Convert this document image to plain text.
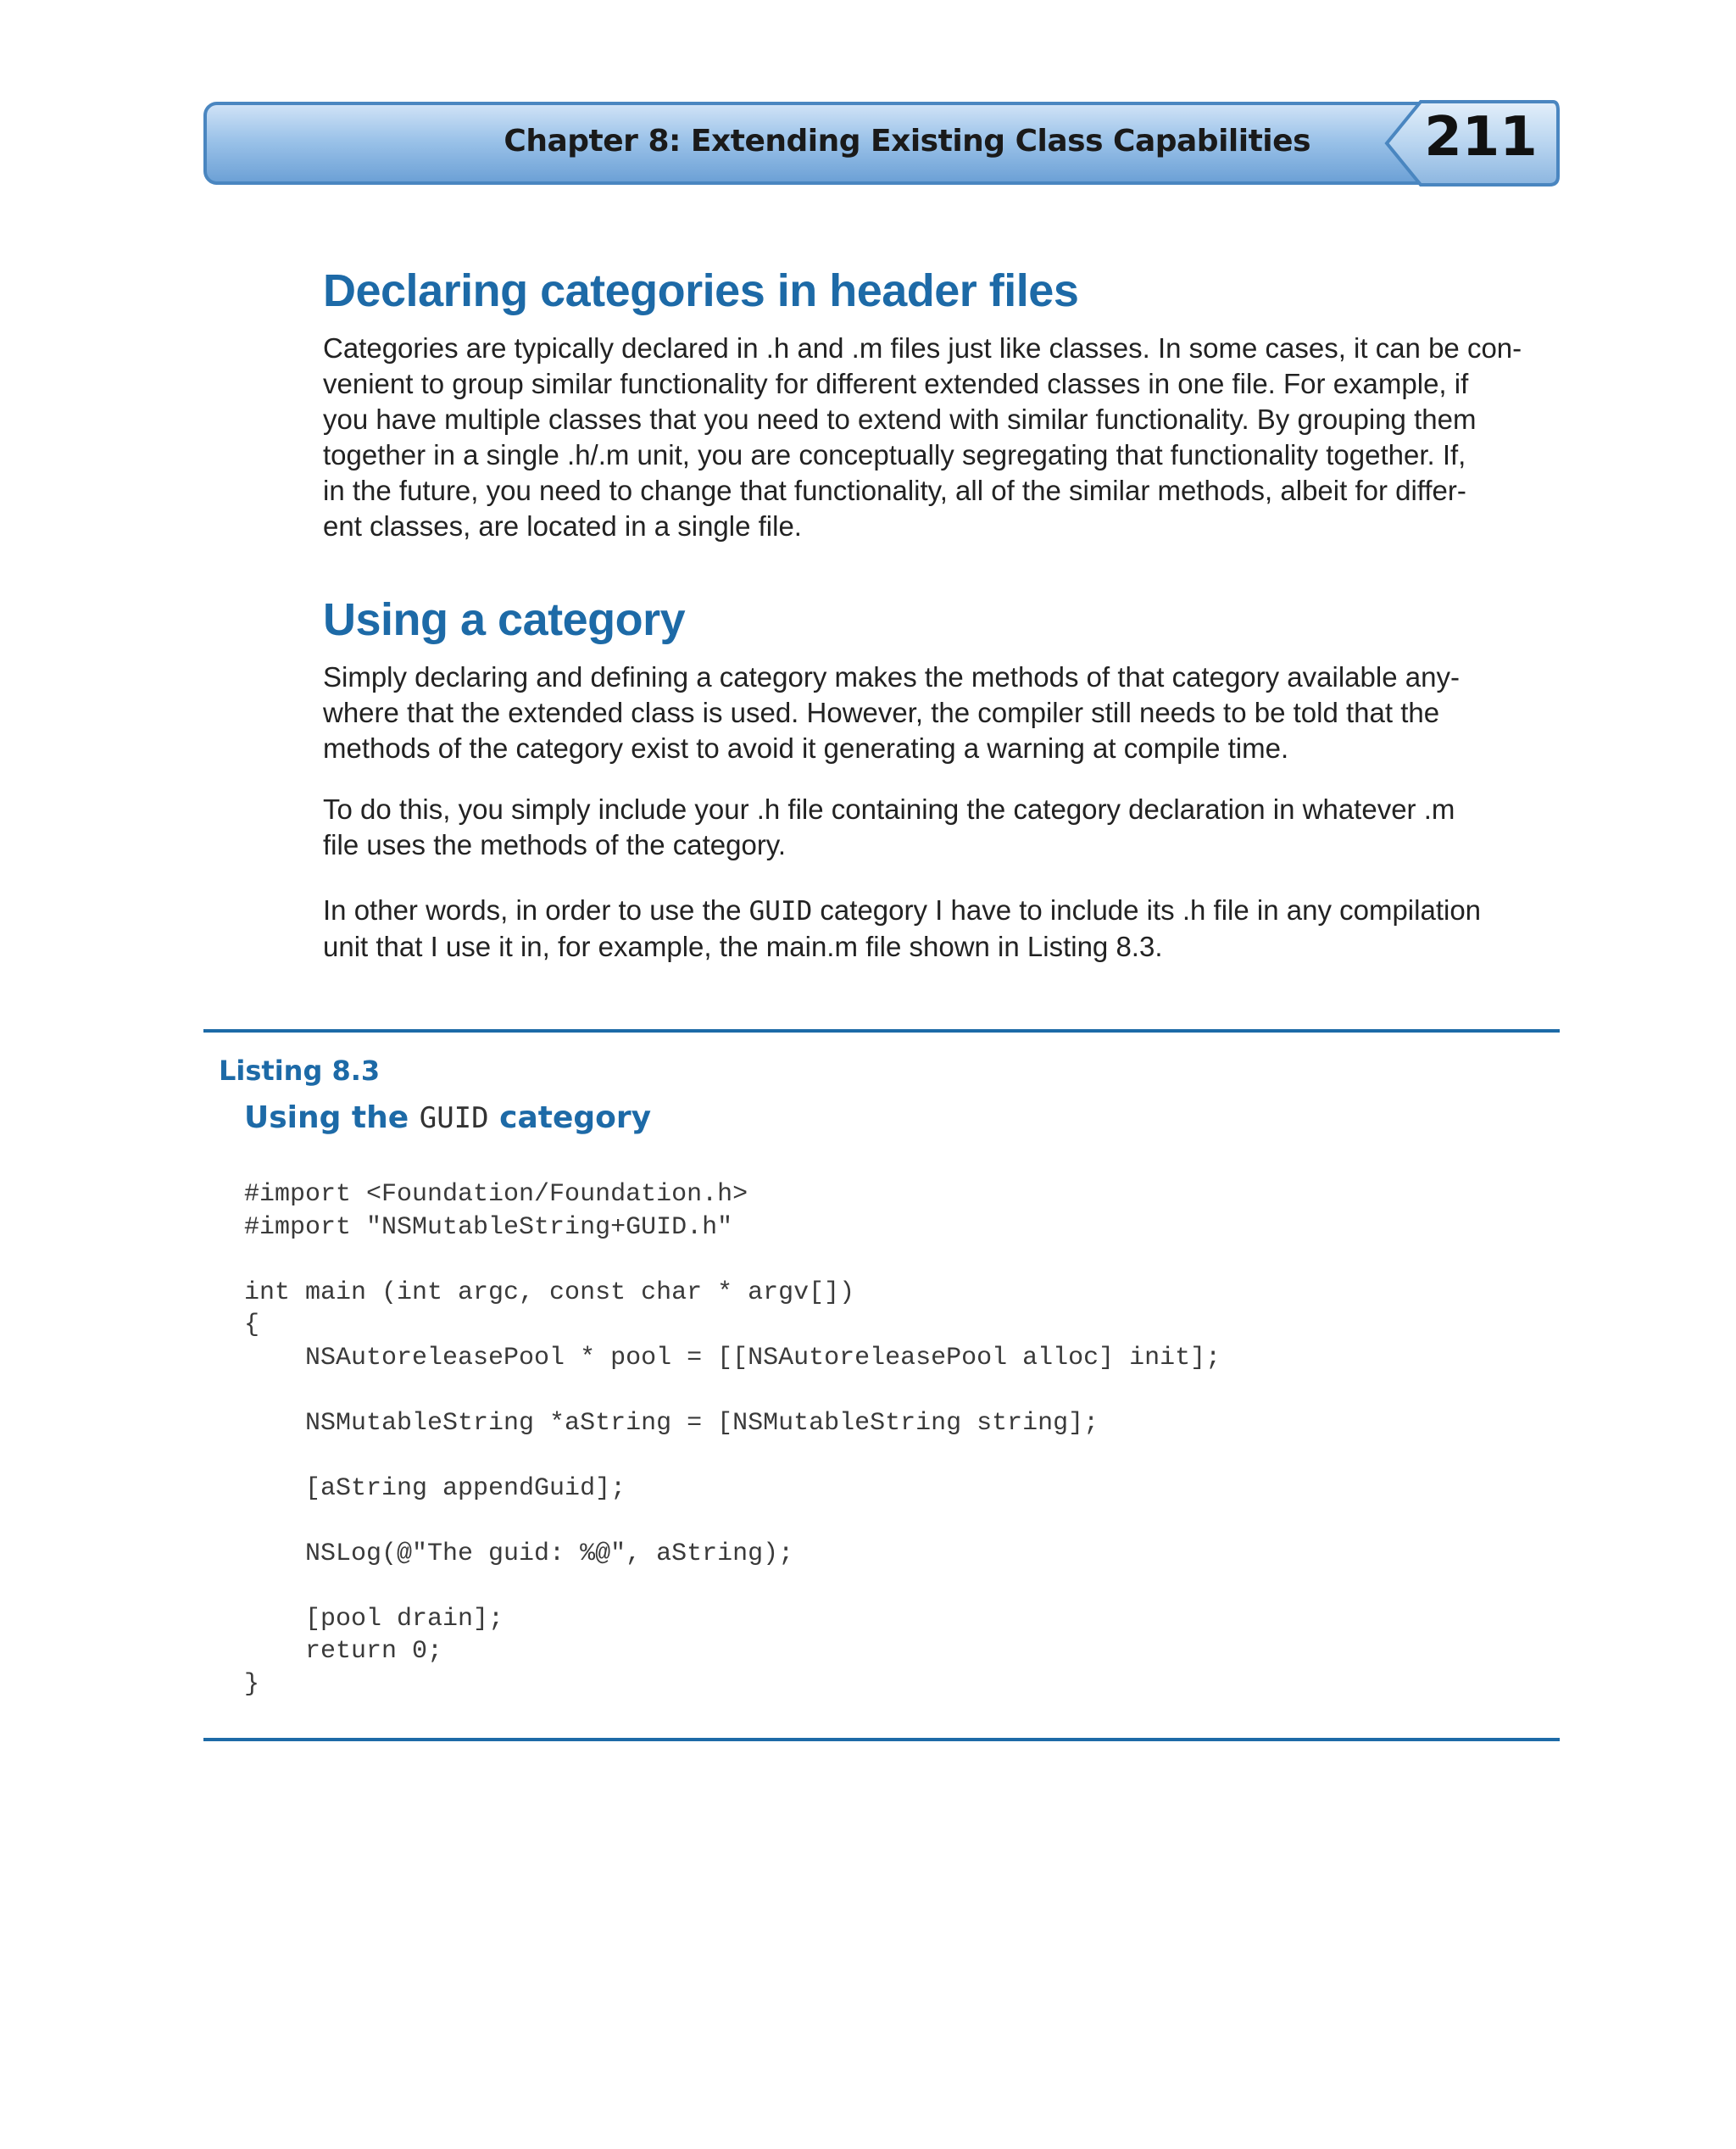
Chapter 8: Extending Existing Class Capabilities 211
Declaring categories in header files

Categories are typically declared in .h and .m files just like classes. In some cases, it can be con-
venient to group similar functionality for different extended classes in one file. For example, if
you have multiple classes that you need to extend with similar functionality. By grouping them
together in a single .h/.m unit, you are conceptually segregating that functionality together. If,
in the future, you need to change that functionality, all of the similar methods, albeit for differ-
ent classes, are located in a single file.

Using a category

Simply declaring and defining a category makes the methods of that category available any-
where that the extended class is used. However, the compiler still needs to be told that the
methods of the category exist to avoid it generating a warning at compile time.

To do this, you simply include your .h file containing the category declaration in whatever .m
file uses the methods of the category.

In other words, in order to use the GUID category I have to include its .h file in any compilation
unit that I use it in, for example, the main.m file shown in Listing 8.3.

Listing 8.3
Using the GUID category
#import <Foundation/Foundation.h>
#import "NSMutableString+GUID.h"

int main (int argc, const char * argv[])
{
NSAutoreleasePool * pool = [[NSAutoreleasePool alloc] init];

NSMutableString *aString = [NSMutableString string];

[aString appendGuid];

NSLog(@"The guid: %@", aString);

[pool drain];
return 0;
}
